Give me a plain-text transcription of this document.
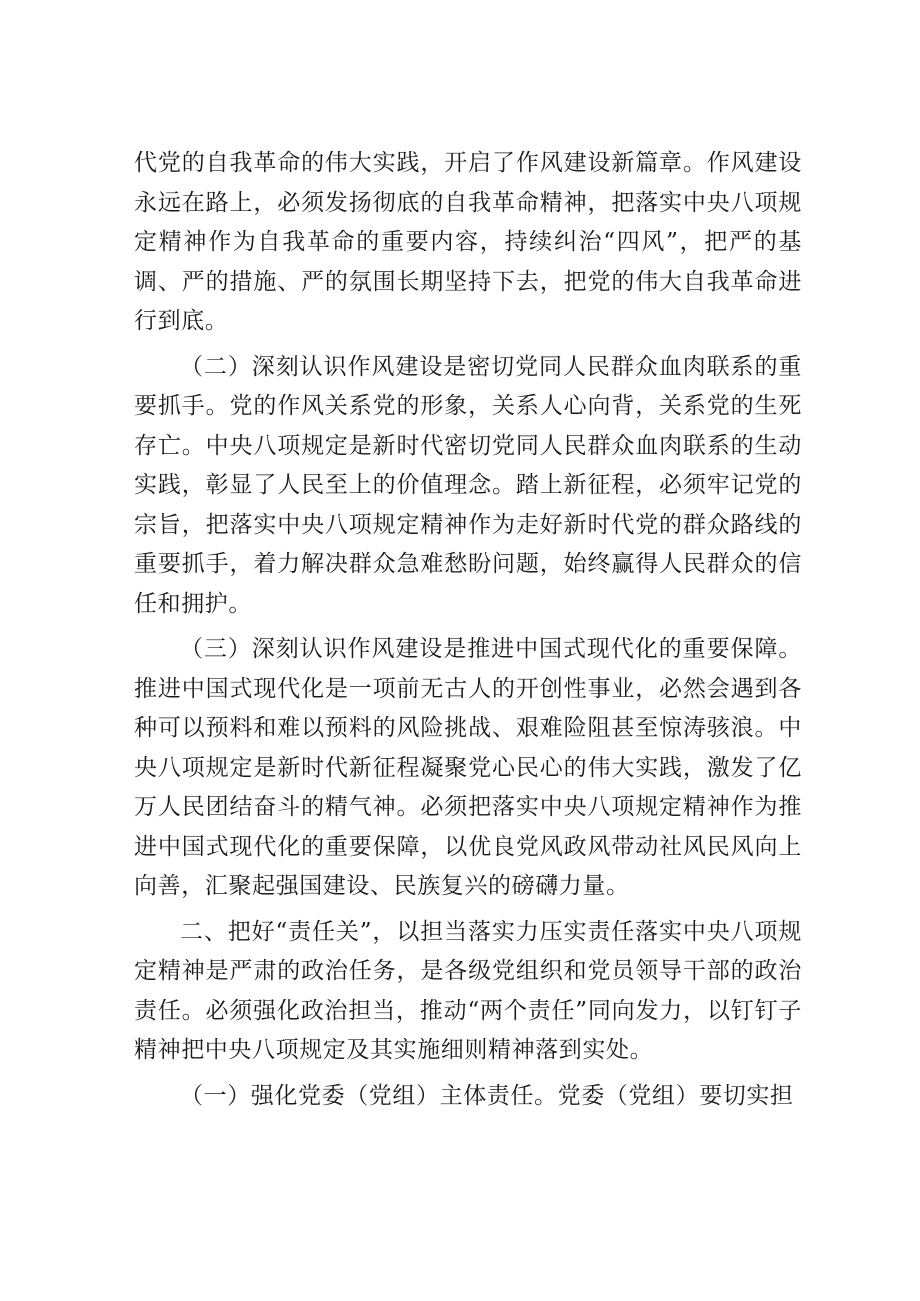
代党的自我革命的伟大实践，开启了作风建设新篇章。作风建设永远在路上，必须发扬彻底的自我革命精神，把落实中央八项规定精神作为自我革命的重要内容，持续纠治“四风”，把严的基调、严的措施、严的氛围长期坚持下去，把党的伟大自我革命进行到底。

（二）深刻认识作风建设是密切党同人民群众血肉联系的重要抓手。党的作风关系党的形象，关系人心向背，关系党的生死存亡。中央八项规定是新时代密切党同人民群众血肉联系的生动实践，彰显了人民至上的价值理念。踏上新征程，必须牢记党的宗旨，把落实中央八项规定精神作为走好新时代党的群众路线的重要抓手，着力解决群众急难愁盼问题，始终赢得人民群众的信任和拥护。

（三）深刻认识作风建设是推进中国式现代化的重要保障。推进中国式现代化是一项前无古人的开创性事业，必然会遇到各种可以预料和难以预料的风险挑战、艰难险阻甚至惊涛骇浪。中央八项规定是新时代新征程凝聚党心民心的伟大实践，激发了亿万人民团结奋斗的精气神。必须把落实中央八项规定精神作为推进中国式现代化的重要保障，以优良党风政风带动社风民风向上向善，汇聚起强国建设、民族复兴的磅礴力量。

二、把好“责任关”，以担当落实力压实责任落实中央八项规定精神是严肃的政治任务，是各级党组织和党员领导干部的政治责任。必须强化政治担当，推动“两个责任”同向发力，以钉钉子精神把中央八项规定及其实施细则精神落到实处。

（一）强化党委（党组）主体责任。党委（党组）要切实担
